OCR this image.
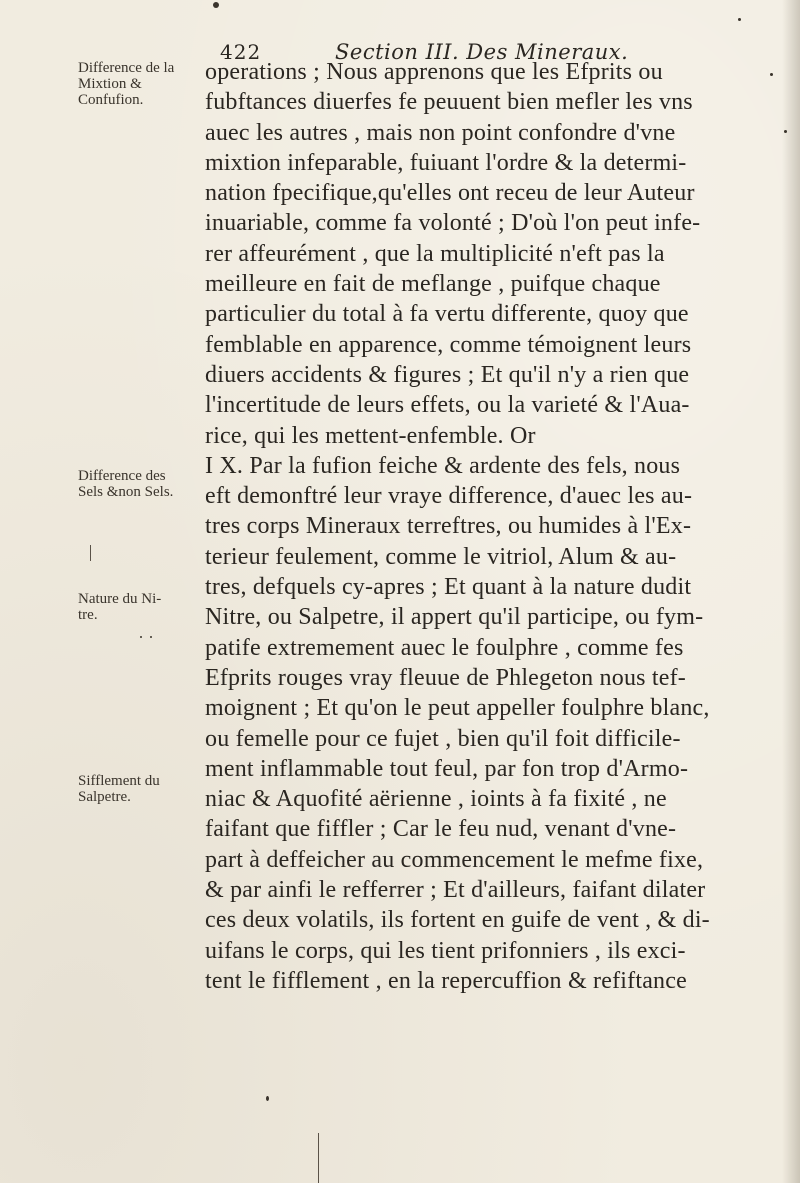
422	Section III. Des Mineraux.
Difference de la
Mixtion &
Confufion.
Difference des
Sels &non Sels.
Nature du Ni-
tre.
Sifflement du
Salpetre.
operations ; Nous apprenons que les Efprits ou
fubftances diuerfes fe peuuent bien mefler les vns
auec les autres , mais non point confondre d'vne
mixtion infeparable, fuiuant l'ordre & la determi-
nation fpecifique,qu'elles ont receu de leur Auteur
inuariable, comme fa volonté ; D'où l'on peut infe-
rer affeurément , que la multiplicité n'eft pas la
meilleure en fait de meflange , puifque chaque
particulier du total à fa vertu differente, quoy que
femblable en apparence, comme témoignent leurs
diuers accidents & figures ; Et qu'il n'y a rien que
l'incertitude de leurs effets, ou la varieté & l'Aua-
rice, qui les mettent-enfemble. Or
I X. Par la fufion feiche & ardente des fels, nous
eft demonftré leur vraye difference, d'auec les au-
tres corps Mineraux terreftres, ou humides à l'Ex-
terieur feulement, comme le vitriol, Alum & au-
tres, defquels cy-apres ; Et quant à la nature dudit
Nitre, ou Salpetre, il appert qu'il participe, ou fym-
patife extremement auec le foulphre , comme fes
Efprits rouges vray fleuue de Phlegeton nous tef-
moignent ; Et qu'on le peut appeller foulphre blanc,
ou femelle pour ce fujet , bien qu'il foit difficile-
ment inflammable tout feul, par fon trop d'Armo-
niac & Aquofité aërienne , ioints à fa fixité , ne
faifant que fiffler ; Car le feu nud, venant d'vne-
part à deffeicher au commencement le mefme fixe,
& par ainfi le refferrer ; Et d'ailleurs, faifant dilater
ces deux volatils, ils fortent en guife de vent , & di-
uifans le corps, qui les tient prifonniers , ils exci-
tent le fifflement , en la repercuffion & refiftance
